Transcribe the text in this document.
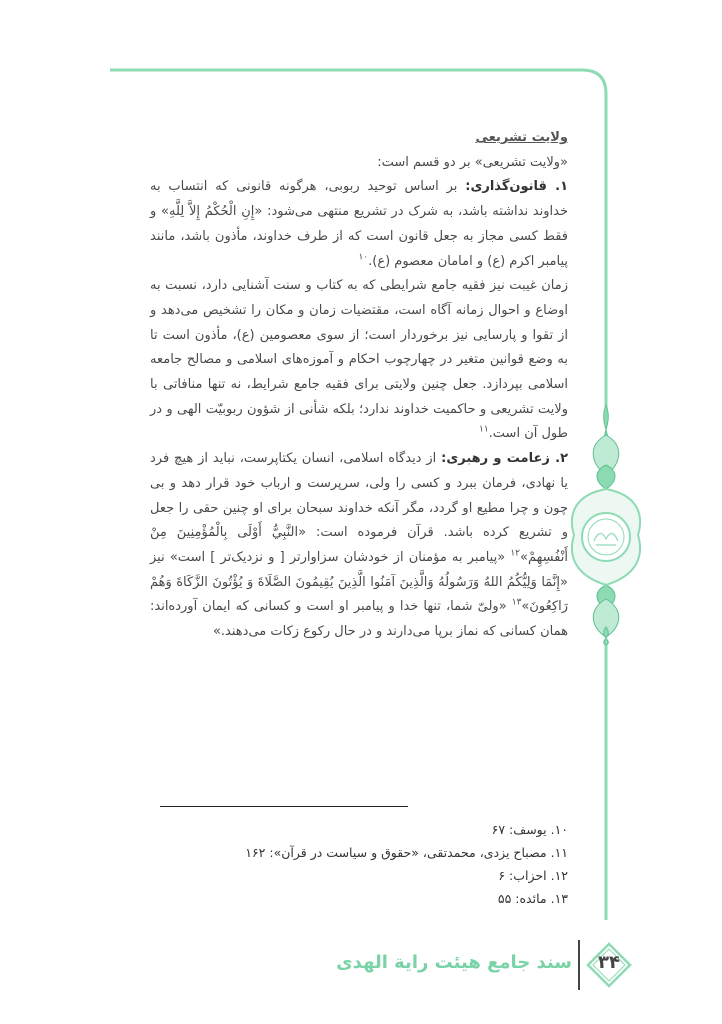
ولایت تشریعی

«ولایت تشریعی» بر دو قسم است:

۱. قانون‌گذاری: بر اساس توحید ربوبی، هرگونه قانونی که انتساب به خداوند نداشته باشد، به شرک در تشریع منتهی می‌شود: «إِنِ الْحُكْمُ إِلاَّ لِلَّهِ» و فقط کسی مجاز به جعل قانون است که از طرف خداوند، مأذون باشد، مانند پیامبر اکرم (ع) و امامان معصوم (ع).$^{۱۰}$

زمان غیبت نیز فقیه جامع شرایطی که به کتاب و سنت آشنایی دارد، نسبت به اوضاع و احوال زمانه آگاه است، مقتضیات زمان و مکان را تشخیص می‌دهد و از تقوا و پارسایی نیز برخوردار است؛ از سوی معصومین (ع)، مأذون است تا به وضع قوانین متغیر در چهارچوب احکام و آموزه‌های اسلامی و مصالح جامعه اسلامی بپردازد. جعل چنین ولایتی برای فقیه جامع شرایط، نه تنها منافاتی با ولایت تشریعی و حاکمیت خداوند ندارد؛ بلکه شأنی از شؤون ربوبیّت الهی و در طول آن است.$^{۱۱}$

۲. زعامت و رهبری: از دیدگاه اسلامی، انسان یکتاپرست، نباید از هیچ فرد یا نهادی، فرمان ببرد و کسی را ولی، سرپرست و ارباب خود قرار دهد و بی چون و چرا مطیع او گردد، مگر آنکه خداوند سبحان برای او چنین حقی را جعل و تشریع کرده باشد. قرآن فرموده است: «النَّبِيُّ أَوْلَى بِالْمُؤْمِنِينَ مِنْ أَنْفُسِهِمْ»$^{۱۲}$ «پیامبر به مؤمنان از خودشان سزاوارتر [ و نزدیک‌تر ] است» نیز «إِنَّمَا وَلِيُّكُمُ اللهُ وَرَسُولُهُ وَالَّذِينَ آمَنُوا الَّذِينَ يُقِيمُونَ الصَّلَاةَ وَ يُؤْتُونَ الزَّكَاةَ وَهُمْ رَاكِعُونَ»$^{۱۳}$ «ولیّ شما، تنها خدا و پیامبر او است و کسانی که ایمان آورده‌اند: همان کسانی که نماز برپا می‌دارند و در حال رکوع زکات می‌دهند.»

۱۰. یوسف: ۶۷
۱۱. مصباح یزدی، محمدتقی، «حقوق و سیاست در قرآن»: ۱۶۲
۱۲. احزاب: ۶
۱۳. مائده: ۵۵
سند جامع هیئت رایة الهدی	۳۴
